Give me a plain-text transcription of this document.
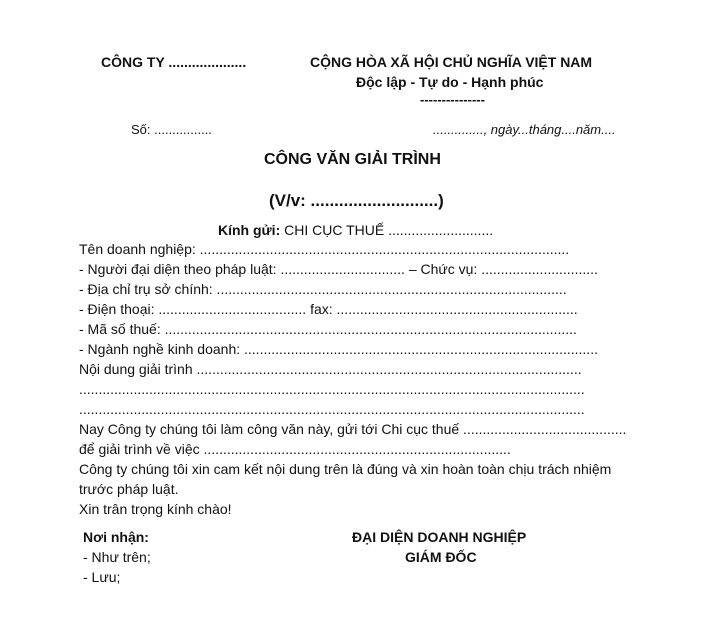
CÔNG TY ....................	CỘNG HÒA XÃ HỘI CHỦ NGHĨA VIỆT NAM
Độc lập - Tự do - Hạnh phúc
---------------
Số: ................	.............., ngày...tháng....năm....
CÔNG VĂN GIẢI TRÌNH
(V/v: ...........................)
Kính gửi: CHI CỤC THUẾ ...........................
Tên doanh nghiệp: ...............................................................................................
- Người đại diện theo pháp luật: ................................ – Chức vụ: ..............................
- Địa chỉ trụ sở chính: ..........................................................................................
- Điện thoại: ...................................... fax: ..............................................................
- Mã số thuế: ..........................................................................................................
- Ngành nghề kinh doanh: ...........................................................................................
Nội dung giải trình ...................................................................................................
..................................................................................................................................
..................................................................................................................................
Nay Công ty chúng tôi làm công văn này, gửi tới Chi cục thuế ..........................................
để giải trình về việc ...............................................................................
Công ty chúng tôi xin cam kết nội dung trên là đúng và xin hoàn toàn chịu trách nhiệm
trước pháp luật.
Xin trân trọng kính chào!
Nơi nhận:
- Như trên;
- Lưu;
ĐẠI DIỆN DOANH NGHIỆP
GIÁM ĐỐC
